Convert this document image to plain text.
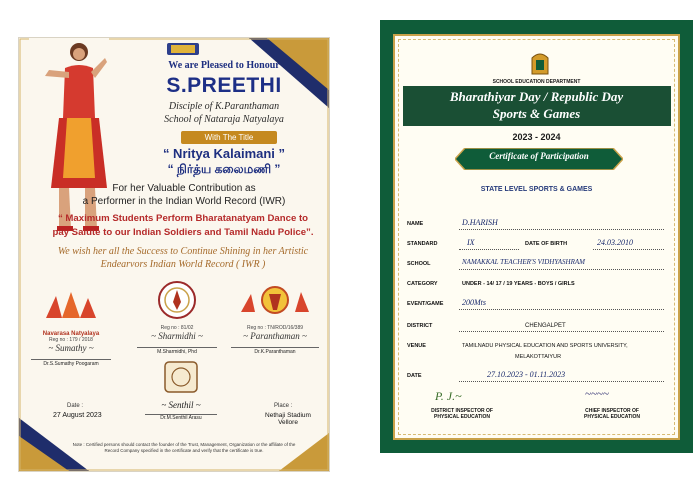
We are Pleased to Honour
S.PREETHI
Disciple of K.Paranthaman
School of Nataraja Natyalaya
With The Title
“ Nritya Kalaimani ”
“ நிர்த்ய கலைமணி ”
For her Valuable Contribution as
a Performer in the Indian World Record (IWR)
“ Maximum Students Perform Bharatanatyam Dance to
pay Salute to our Indian Soldiers and Tamil Nadu Police”.
We wish her all the Success to Continue Shining in her Artistic
Endearvors Indian World Record ( IWR )
Navarasa Natyalaya
Reg no : 179 / 2018
~ Sumathy ~
Dr.S.Sumathy Poogaram
Reg no : 81/02
~ Sharmidhi ~
M.Sharmidhi, Phd
Reg no : TN/ROD/16/389
~ Paranthaman ~
Dr.K.Paranthaman
~ Senthil ~
Dr.M.Senthil Arasu
Date :
27 August 2023
Place :
Nethaji Stadium
Vellore
Note : Certified persons should contact the founder of the Trust, Management, Organization or the affiliate of the
Record Company specified in the certificate and verify that the certificate is true.
SCHOOL EDUCATION DEPARTMENT
Bharathiyar Day / Republic Day
Sports & Games
2023 - 2024
Certificate of Participation
STATE LEVEL SPORTS & GAMES
NAME	D.HARISH
STANDARD	IX	DATE OF BIRTH	24.03.2010
SCHOOL	NAMAKKAL TEACHER'S VIDHYASHRAM
CATEGORY	UNDER - 14/ 17 / 19 YEARS - BOYS / GIRLS
EVENT/GAME 200Mts
DISTRICT	CHENGALPET
VENUE	TAMILNADU PHYSICAL EDUCATION AND SPORTS UNIVERSITY,
MELAKOTTAIYUR
DATE	27.10.2023 - 01.11.2023
P. J.~
DISTRICT INSPECTOR OF
PHYSICAL EDUCATION
~~~~
CHIEF INSPECTOR OF
PHYSICAL EDUCATION
